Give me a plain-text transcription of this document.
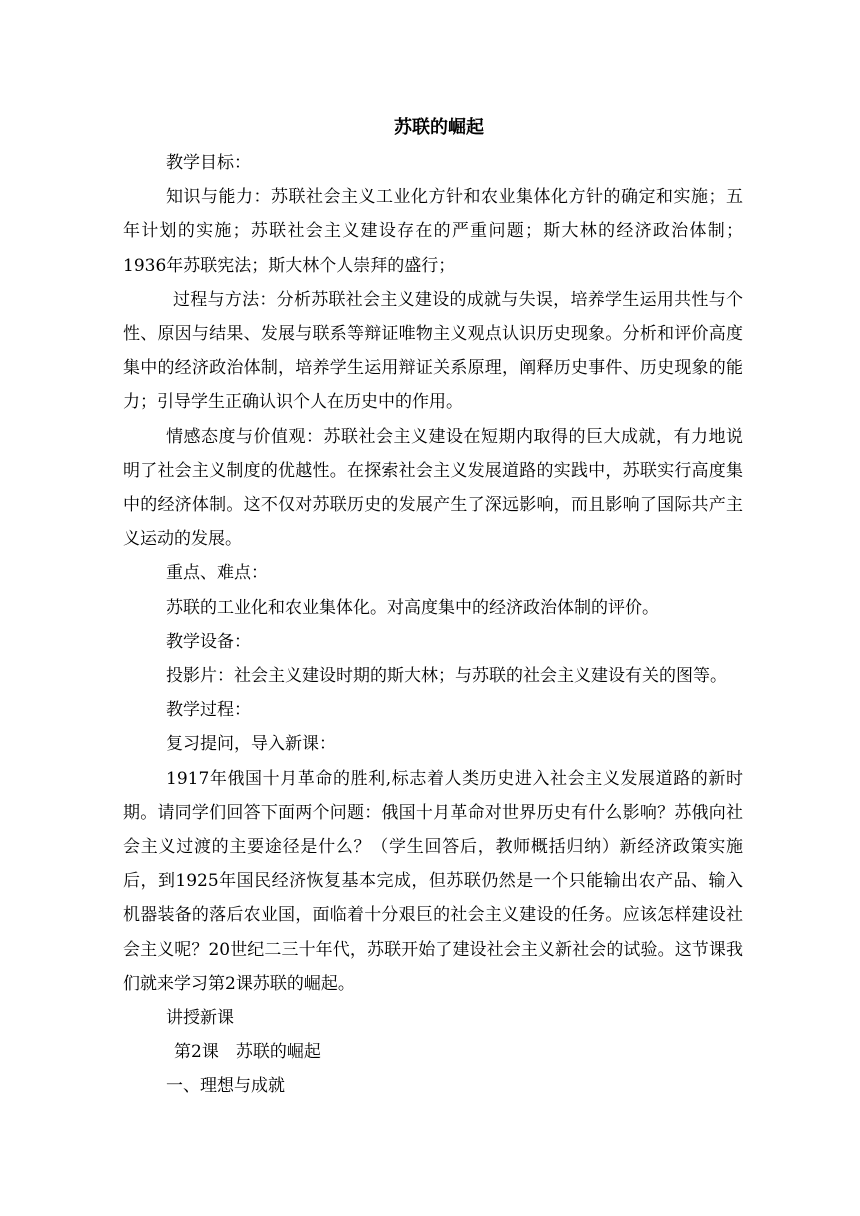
苏联的崛起

教学目标：

知识与能力：苏联社会主义工业化方针和农业集体化方针的确定和实施；五年计划的实施；苏联社会主义建设存在的严重问题；斯大林的经济政治体制；1936年苏联宪法；斯大林个人崇拜的盛行；

过程与方法：分析苏联社会主义建设的成就与失误，培养学生运用共性与个性、原因与结果、发展与联系等辩证唯物主义观点认识历史现象。分析和评价高度集中的经济政治体制，培养学生运用辩证关系原理，阐释历史事件、历史现象的能力；引导学生正确认识个人在历史中的作用。

情感态度与价值观：苏联社会主义建设在短期内取得的巨大成就，有力地说明了社会主义制度的优越性。在探索社会主义发展道路的实践中，苏联实行高度集中的经济体制。这不仅对苏联历史的发展产生了深远影响，而且影响了国际共产主义运动的发展。

重点、难点：

苏联的工业化和农业集体化。对高度集中的经济政治体制的评价。

教学设备：

投影片：社会主义建设时期的斯大林；与苏联的社会主义建设有关的图等。

教学过程：

复习提问，导入新课：

1917年俄国十月革命的胜利,标志着人类历史进入社会主义发展道路的新时期。请同学们回答下面两个问题：俄国十月革命对世界历史有什么影响？苏俄向社会主义过渡的主要途径是什么？（学生回答后，教师概括归纳）新经济政策实施后，到1925年国民经济恢复基本完成，但苏联仍然是一个只能输出农产品、输入机器装备的落后农业国，面临着十分艰巨的社会主义建设的任务。应该怎样建设社会主义呢？20世纪二三十年代，苏联开始了建设社会主义新社会的试验。这节课我们就来学习第2课苏联的崛起。

讲授新课

第2课　苏联的崛起

一、理想与成就
